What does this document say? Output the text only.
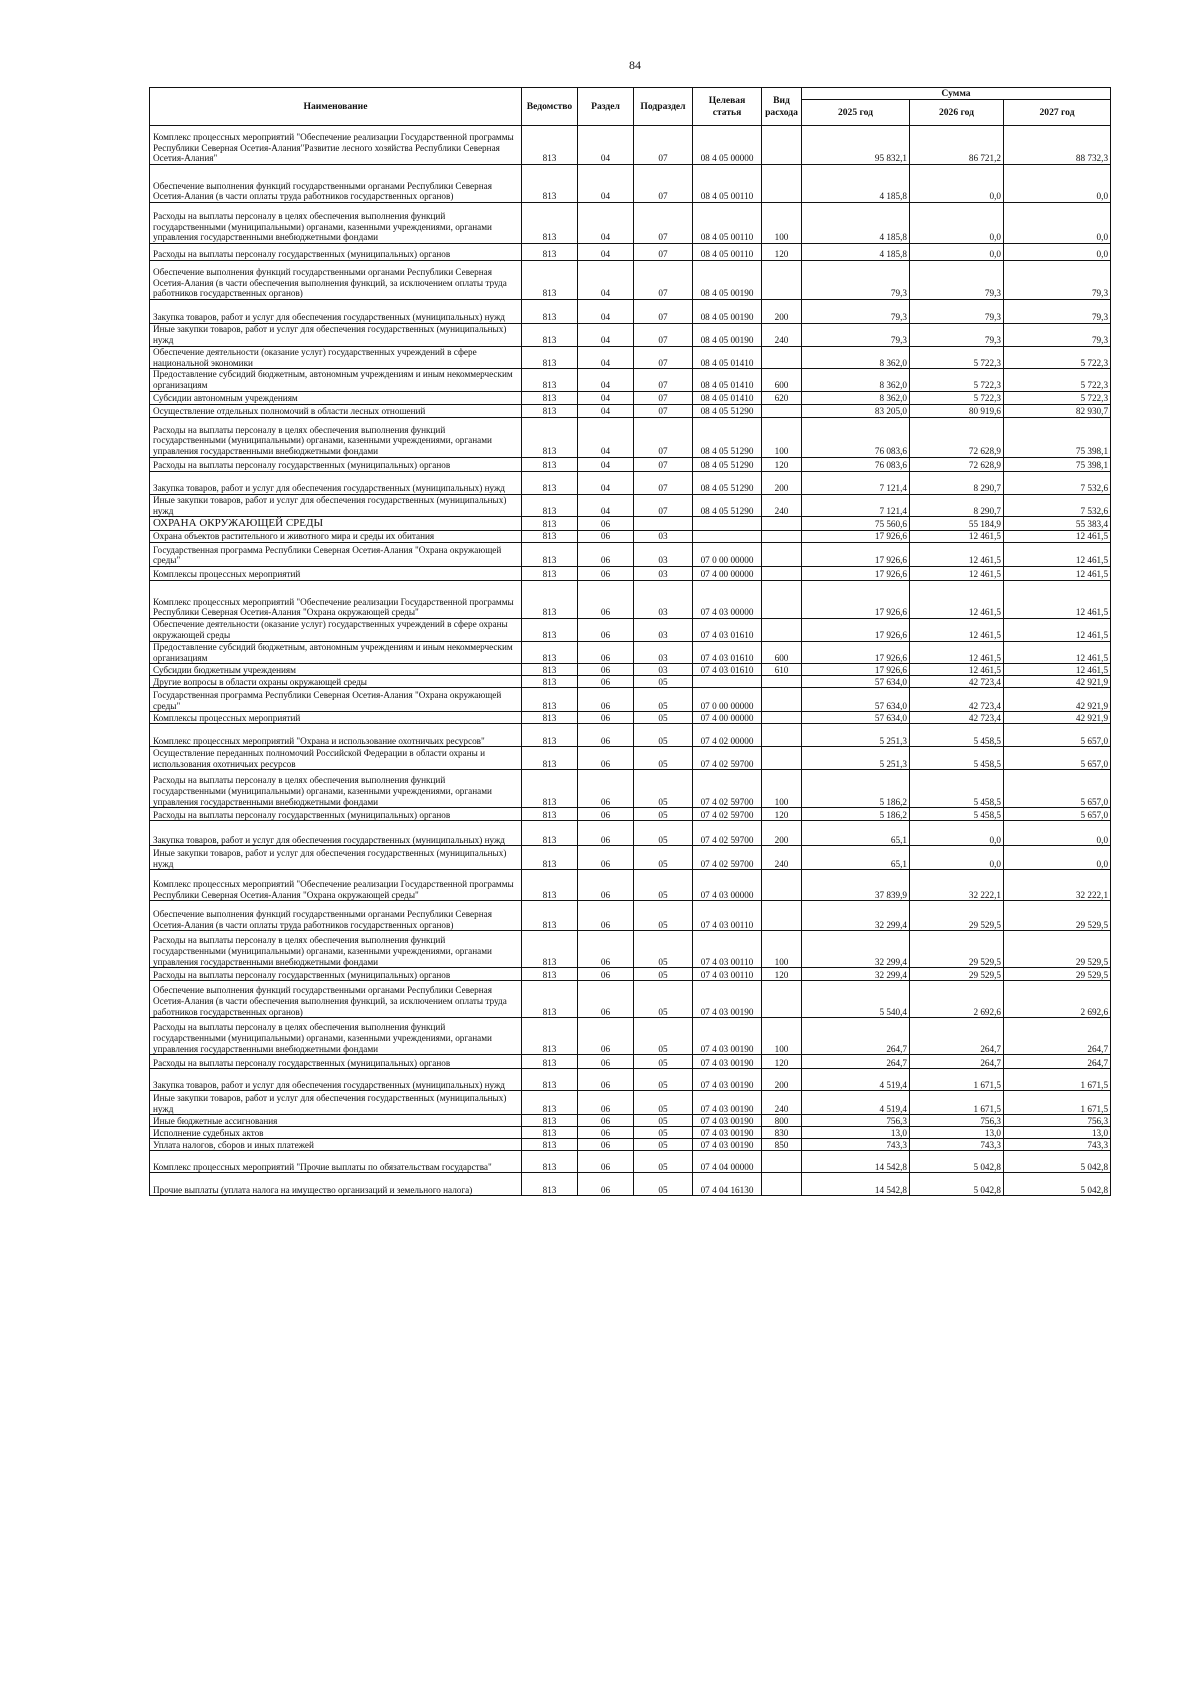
84
Наименование	Ведомство	Раздел	Подраздел	Целевая статья	Вид расхода	Сумма		
						2025 год	2026 год	2027 год
Комплекс процессных мероприятий "Обеспечение реализации Государственной программы Республики Северная Осетия-Алания"Развитие лесного хозяйства Республики Северная Осетия-Алания"	813	04	07	08 4 05 00000		95 832,1	86 721,2	88 732,3
Обеспечение выполнения функций государственными органами Республики Северная Осетия-Алания (в части оплаты труда работников государственных органов)	813	04	07	08 4 05 00110		4 185,8	0,0	0,0
Расходы на выплаты персоналу в целях обеспечения выполнения функций государственными (муниципальными) органами, казенными учреждениями, органами управления государственными внебюджетными фондами	813	04	07	08 4 05 00110	100	4 185,8	0,0	0,0
Расходы на выплаты персоналу государственных (муниципальных) органов	813	04	07	08 4 05 00110	120	4 185,8	0,0	0,0
Обеспечение выполнения функций государственными органами Республики Северная Осетия-Алания (в части обеспечения выполнения функций, за исключением оплаты труда работников государственных органов)	813	04	07	08 4 05 00190		79,3	79,3	79,3
Закупка товаров, работ и услуг для обеспечения государственных (муниципальных) нужд	813	04	07	08 4 05 00190	200	79,3	79,3	79,3
Иные закупки товаров, работ и услуг для обеспечения государственных (муниципальных) нужд	813	04	07	08 4 05 00190	240	79,3	79,3	79,3
Обеспечение деятельности (оказание услуг) государственных учреждений в сфере национальной экономики	813	04	07	08 4 05 01410		8 362,0	5 722,3	5 722,3
Предоставление субсидий бюджетным, автономным учреждениям и иным некоммерческим организациям	813	04	07	08 4 05 01410	600	8 362,0	5 722,3	5 722,3
Субсидии автономным учреждениям	813	04	07	08 4 05 01410	620	8 362,0	5 722,3	5 722,3
Осуществление отдельных полномочий в области лесных отношений	813	04	07	08 4 05 51290		83 205,0	80 919,6	82 930,7
Расходы на выплаты персоналу в целях обеспечения выполнения функций государственными (муниципальными) органами, казенными учреждениями, органами управления государственными внебюджетными фондами	813	04	07	08 4 05 51290	100	76 083,6	72 628,9	75 398,1
Расходы на выплаты персоналу государственных (муниципальных) органов	813	04	07	08 4 05 51290	120	76 083,6	72 628,9	75 398,1
Закупка товаров, работ и услуг для обеспечения государственных (муниципальных) нужд	813	04	07	08 4 05 51290	200	7 121,4	8 290,7	7 532,6
Иные закупки товаров, работ и услуг для обеспечения государственных (муниципальных) нужд	813	04	07	08 4 05 51290	240	7 121,4	8 290,7	7 532,6
ОХРАНА ОКРУЖАЮЩЕЙ СРЕДЫ	813	06				75 560,6	55 184,9	55 383,4
Охрана объектов растительного и животного мира и среды их обитания	813	06	03			17 926,6	12 461,5	12 461,5
Государственная программа Республики Северная Осетия-Алания "Охрана окружающей среды"	813	06	03	07 0 00 00000		17 926,6	12 461,5	12 461,5
Комплексы процессных мероприятий	813	06	03	07 4 00 00000		17 926,6	12 461,5	12 461,5
Комплекс процессных мероприятий "Обеспечение реализации Государственной программы Республики Северная Осетия-Алания "Охрана окружающей среды"	813	06	03	07 4 03 00000		17 926,6	12 461,5	12 461,5
Обеспечение деятельности (оказание услуг) государственных учреждений в сфере охраны окружающей среды	813	06	03	07 4 03 01610		17 926,6	12 461,5	12 461,5
Предоставление субсидий бюджетным, автономным учреждениям и иным некоммерческим организациям	813	06	03	07 4 03 01610	600	17 926,6	12 461,5	12 461,5
Субсидии бюджетным учреждениям	813	06	03	07 4 03 01610	610	17 926,6	12 461,5	12 461,5
Другие вопросы в области охраны окружающей среды	813	06	05			57 634,0	42 723,4	42 921,9
Государственная программа Республики Северная Осетия-Алания "Охрана окружающей среды"	813	06	05	07 0 00 00000		57 634,0	42 723,4	42 921,9
Комплексы процессных мероприятий	813	06	05	07 4 00 00000		57 634,0	42 723,4	42 921,9
Комплекс процессных мероприятий "Охрана и использование охотничьих ресурсов"	813	06	05	07 4 02 00000		5 251,3	5 458,5	5 657,0
Осуществление переданных полномочий Российской Федерации в области охраны и использования охотничьих ресурсов	813	06	05	07 4 02 59700		5 251,3	5 458,5	5 657,0
Расходы на выплаты персоналу в целях обеспечения выполнения функций государственными (муниципальными) органами, казенными учреждениями, органами управления государственными внебюджетными фондами	813	06	05	07 4 02 59700	100	5 186,2	5 458,5	5 657,0
Расходы на выплаты персоналу государственных (муниципальных) органов	813	06	05	07 4 02 59700	120	5 186,2	5 458,5	5 657,0
Закупка товаров, работ и услуг для обеспечения государственных (муниципальных) нужд	813	06	05	07 4 02 59700	200	65,1	0,0	0,0
Иные закупки товаров, работ и услуг для обеспечения государственных (муниципальных) нужд	813	06	05	07 4 02 59700	240	65,1	0,0	0,0
Комплекс процессных мероприятий "Обеспечение реализации Государственной программы Республики Северная Осетия-Алания "Охрана окружающей среды"	813	06	05	07 4 03 00000		37 839,9	32 222,1	32 222,1
Обеспечение выполнения функций государственными органами Республики Северная Осетия-Алания (в части оплаты труда работников государственных органов)	813	06	05	07 4 03 00110		32 299,4	29 529,5	29 529,5
Расходы на выплаты персоналу в целях обеспечения выполнения функций государственными (муниципальными) органами, казенными учреждениями, органами управления государственными внебюджетными фондами	813	06	05	07 4 03 00110	100	32 299,4	29 529,5	29 529,5
Расходы на выплаты персоналу государственных (муниципальных) органов	813	06	05	07 4 03 00110	120	32 299,4	29 529,5	29 529,5
Обеспечение выполнения функций государственными органами Республики Северная Осетия-Алания (в части обеспечения выполнения функций, за исключением оплаты труда работников государственных органов)	813	06	05	07 4 03 00190		5 540,4	2 692,6	2 692,6
Расходы на выплаты персоналу в целях обеспечения выполнения функций государственными (муниципальными) органами, казенными учреждениями, органами управления государственными внебюджетными фондами	813	06	05	07 4 03 00190	100	264,7	264,7	264,7
Расходы на выплаты персоналу государственных (муниципальных) органов	813	06	05	07 4 03 00190	120	264,7	264,7	264,7
Закупка товаров, работ и услуг для обеспечения государственных (муниципальных) нужд	813	06	05	07 4 03 00190	200	4 519,4	1 671,5	1 671,5
Иные закупки товаров, работ и услуг для обеспечения государственных (муниципальных) нужд	813	06	05	07 4 03 00190	240	4 519,4	1 671,5	1 671,5
Иные бюджетные ассигнования	813	06	05	07 4 03 00190	800	756,3	756,3	756,3
Исполнение судебных актов	813	06	05	07 4 03 00190	830	13,0	13,0	13,0
Уплата налогов, сборов и иных платежей	813	06	05	07 4 03 00190	850	743,3	743,3	743,3
Комплекс процессных мероприятий "Прочие выплаты по обязательствам государства"	813	06	05	07 4 04 00000		14 542,8	5 042,8	5 042,8
Прочие выплаты (уплата налога на имущество организаций и земельного налога)	813	06	05	07 4 04 16130		14 542,8	5 042,8	5 042,8
